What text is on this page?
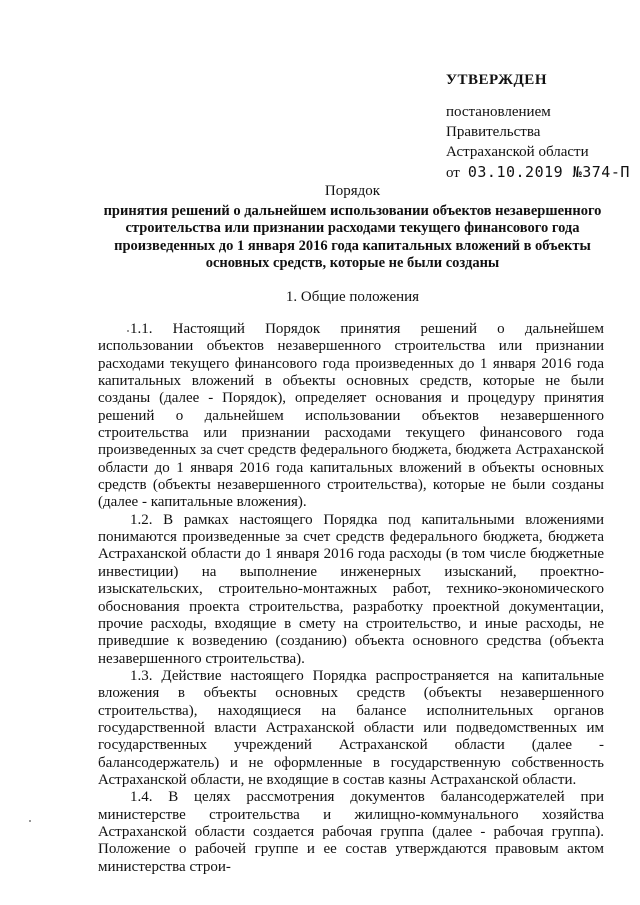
УТВЕРЖДЕН
постановлением
Правительства
Астраханской области
от 03.10.2019 №374-П
Порядок
принятия решений о дальнейшем использовании объектов незавершенного строительства или признании расходами текущего финансового года произведенных до 1 января 2016 года капитальных вложений в объекты основных средств, которые не были созданы
1. Общие положения

1.1. Настоящий Порядок принятия решений о дальнейшем использовании объектов незавершенного строительства или признании расходами текущего финансового года произведенных до 1 января 2016 года капитальных вложений в объекты основных средств, которые не были созданы (далее - Порядок), определяет основания и процедуру принятия решений о дальнейшем использовании объектов незавершенного строительства или признании расходами текущего финансового года произведенных за счет средств федерального бюджета, бюджета Астраханской области до 1 января 2016 года капитальных вложений в объекты основных средств (объекты незавершенного строительства), которые не были созданы (далее - капитальные вложения).

1.2. В рамках настоящего Порядка под капитальными вложениями понимаются произведенные за счет средств федерального бюджета, бюджета Астраханской области до 1 января 2016 года расходы (в том числе бюджетные инвестиции) на выполнение инженерных изысканий, проектно-изыскательских, строительно-монтажных работ, технико-экономического обоснования проекта строительства, разработку проектной документации, прочие расходы, входящие в смету на строительство, и иные расходы, не приведшие к возведению (созданию) объекта основного средства (объекта незавершенного строительства).

1.3. Действие настоящего Порядка распространяется на капитальные вложения в объекты основных средств (объекты незавершенного строительства), находящиеся на балансе исполнительных органов государственной власти Астраханской области или подведомственных им государственных учреждений Астраханской области (далее - балансодержатель) и не оформленные в государственную собственность Астраханской области, не входящие в состав казны Астраханской области.

1.4. В целях рассмотрения документов балансодержателей при министерстве строительства и жилищно-коммунального хозяйства Астраханской области создается рабочая группа (далее - рабочая группа). Положение о рабочей группе и ее состав утверждаются правовым актом министерства строи-
